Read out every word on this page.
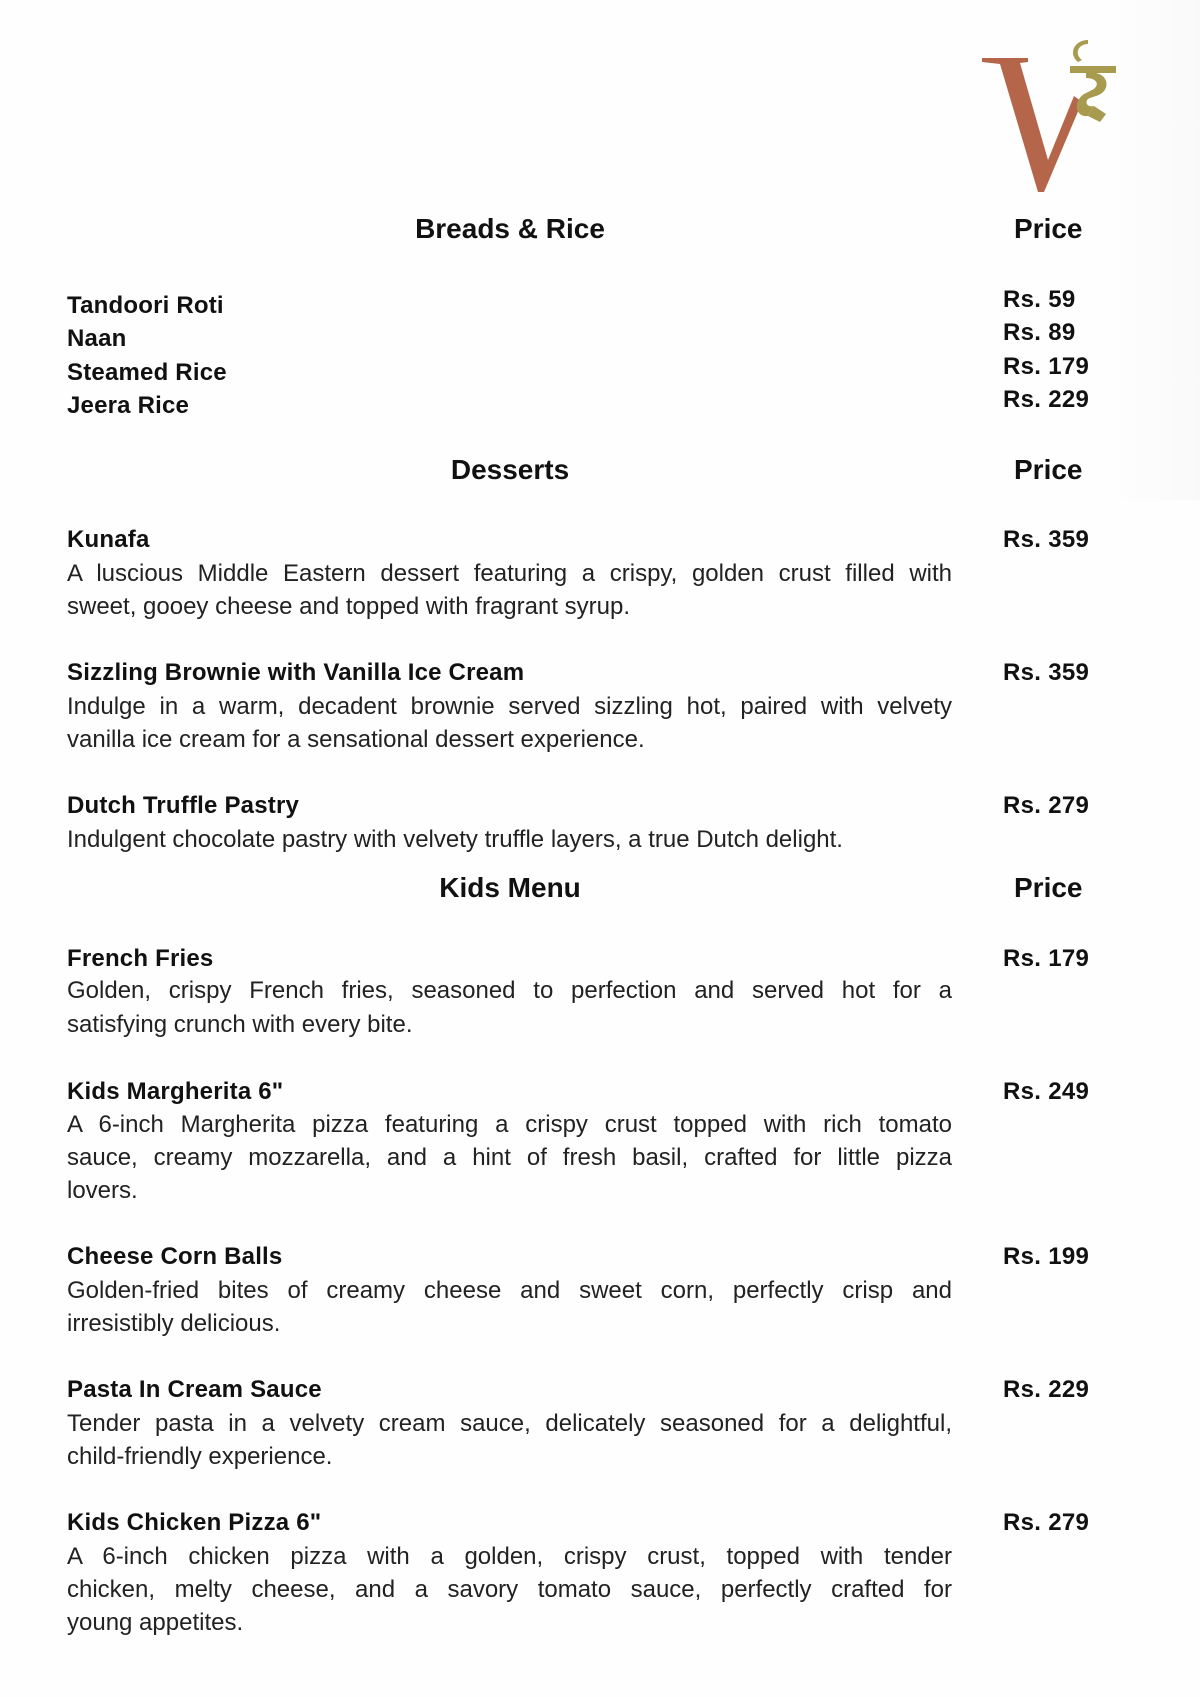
Breads & Rice	Price
Tandoori Roti	Rs. 59
Naan	Rs. 89
Steamed Rice	Rs. 179
Jeera Rice	Rs. 229
Desserts	Price
Kunafa	Rs. 359
A luscious Middle Eastern dessert featuring a crispy, golden crust filled with
sweet, gooey cheese and topped with fragrant syrup.
Sizzling Brownie with Vanilla Ice Cream	Rs. 359
Indulge in a warm, decadent brownie served sizzling hot, paired with velvety
vanilla ice cream for a sensational dessert experience.
Dutch Truffle Pastry	Rs. 279
Indulgent chocolate pastry with velvety truffle layers, a true Dutch delight.
Kids Menu	Price
French Fries	Rs. 179
Golden, crispy French fries, seasoned to perfection and served hot for a
satisfying crunch with every bite.
Kids Margherita 6"	Rs. 249
A 6-inch Margherita pizza featuring a crispy crust topped with rich tomato
sauce, creamy mozzarella, and a hint of fresh basil, crafted for little pizza
lovers.
Cheese Corn Balls	Rs. 199
Golden-fried bites of creamy cheese and sweet corn, perfectly crisp and
irresistibly delicious.
Pasta In Cream Sauce	Rs. 229
Tender pasta in a velvety cream sauce, delicately seasoned for a delightful,
child-friendly experience.
Kids Chicken Pizza 6"	Rs. 279
A 6-inch chicken pizza with a golden, crispy crust, topped with tender
chicken, melty cheese, and a savory tomato sauce, perfectly crafted for
young appetites.
